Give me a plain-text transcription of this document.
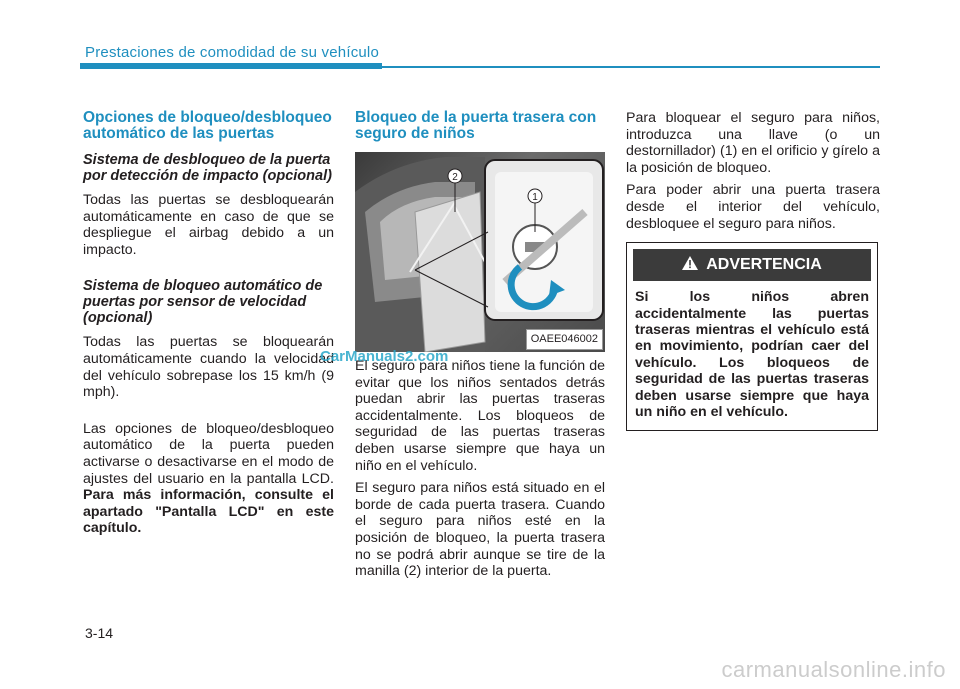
Prestaciones de comodidad de su vehículo
Opciones de bloqueo/desbloqueo automático de las puertas
Sistema de desbloqueo de la puerta por detección de impacto (opcional)

Todas las puertas se desbloquearán automáticamente en caso de que se despliegue el airbag debido a un impacto.

Sistema de bloqueo automático de puertas por sensor de velocidad (opcional)

Todas las puertas se bloquearán automáticamente cuando la velocidad del vehículo sobrepase los 15 km/h (9 mph).

Las opciones de bloqueo/desbloqueo automático de la puerta pueden activarse o desactivarse en el modo de ajustes del usuario en la pantalla LCD. Para más información, consulte el apartado "Pantalla LCD" en este capítulo.

Bloqueo de la puerta trasera con seguro de niños
2
1
OAEE046002

El seguro para niños tiene la función de evitar que los niños sentados detrás puedan abrir las puertas traseras accidentalmente. Los bloqueos de seguridad de las puertas traseras deben usarse siempre que haya un niño en el vehículo.

El seguro para niños está situado en el borde de cada puerta trasera. Cuando el seguro para niños esté en la posición de bloqueo, la puerta trasera no se podrá abrir aunque se tire de la manilla (2) interior de la puerta.

Para bloquear el seguro para niños, introduzca una llave (o un destornillador) (1) en el orificio y gírelo a la posición de bloqueo.

Para poder abrir una puerta trasera desde el interior del vehículo, desbloquee el seguro para niños.

ADVERTENCIA
Si los niños abren accidentalmente las puertas traseras mientras el vehículo está en movimiento, podrían caer del vehículo. Los bloqueos de seguridad de las puertas traseras deben usarse siempre que haya un niño en el vehículo.
CarManuals2.com
3-14
carmanualsonline.info
